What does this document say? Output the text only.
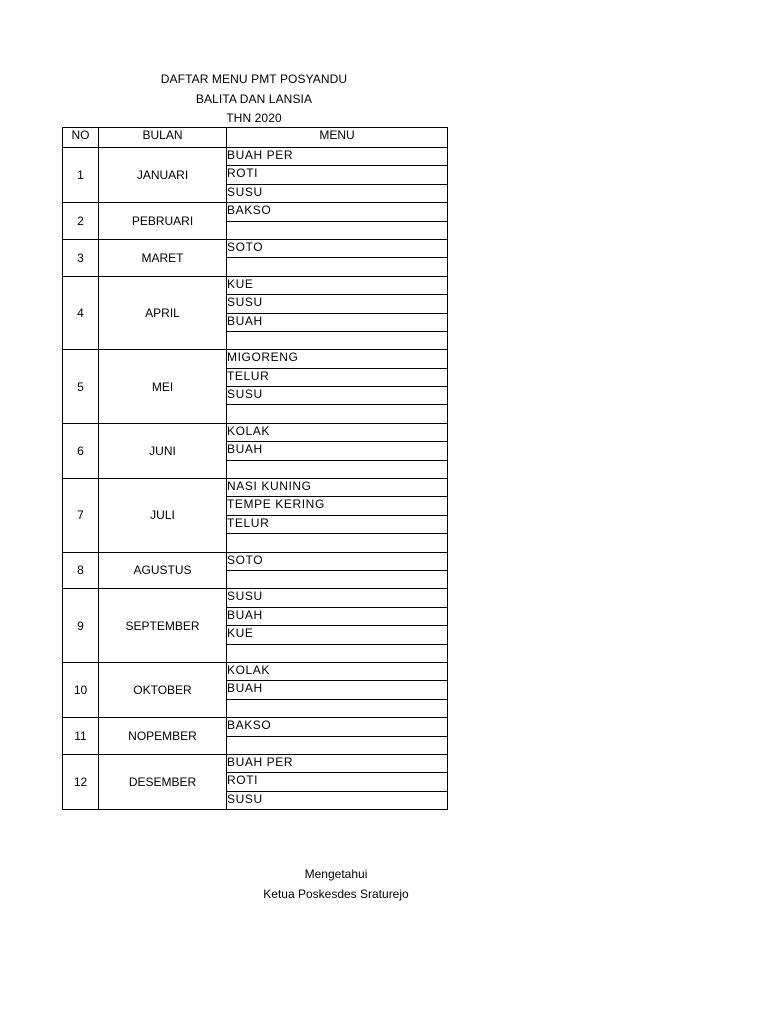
DAFTAR MENU PMT POSYANDU
BALITA DAN LANSIA
THN 2020
NO	BULAN	MENU
1	JANUARI	BUAH PER
		ROTI
		SUSU
2	PEBRUARI	BAKSO

3	MARET	SOTO

4	APRIL	KUE
		SUSU
		BUAH

5	MEI	MIGORENG
		TELUR
		SUSU

6	JUNI	KOLAK
		BUAH

7	JULI	NASI KUNING
		TEMPE KERING
		TELUR

8	AGUSTUS	SOTO

9	SEPTEMBER	SUSU
		BUAH
		KUE

10	OKTOBER	KOLAK
		BUAH

11	NOPEMBER	BAKSO

12	DESEMBER	BUAH PER
		ROTI
		SUSU
Mengetahui
Ketua Poskesdes Sraturejo
